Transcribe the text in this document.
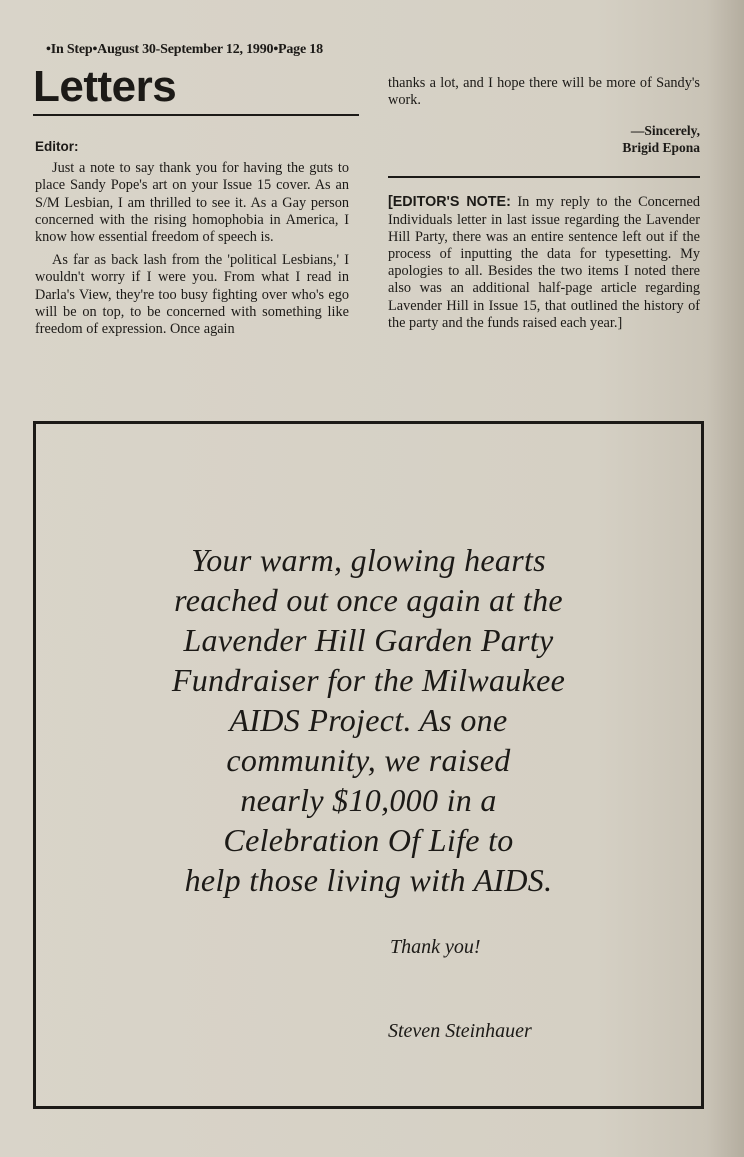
•In Step•August 30-September 12, 1990•Page 18
Letters

Editor:

Just a note to say thank you for having the guts to place Sandy Pope's art on your Issue 15 cover. As an S/M Lesbian, I am thrilled to see it. As a Gay person concerned with the rising homophobia in America, I know how essential freedom of speech is.

As far as back lash from the 'political Lesbians,' I wouldn't worry if I were you. From what I read in Darla's View, they're too busy fighting over who's ego will be on top, to be concerned with something like freedom of expression. Once again

thanks a lot, and I hope there will be more of Sandy's work.

—Sincerely,
Brigid Epona

[EDITOR'S NOTE: In my reply to the Concerned Individuals letter in last issue regarding the Lavender Hill Party, there was an entire sentence left out if the process of inputting the data for typesetting. My apologies to all. Besides the two items I noted there also was an additional half-page article regarding Lavender Hill in Issue 15, that outlined the history of the party and the funds raised each year.]

Your warm, glowing hearts
reached out once again at the
Lavender Hill Garden Party
Fundraiser for the Milwaukee
AIDS Project. As one
community, we raised
nearly $10,000 in a
Celebration Of Life to
help those living with AIDS.
Thank you!
Steven Steinhauer
